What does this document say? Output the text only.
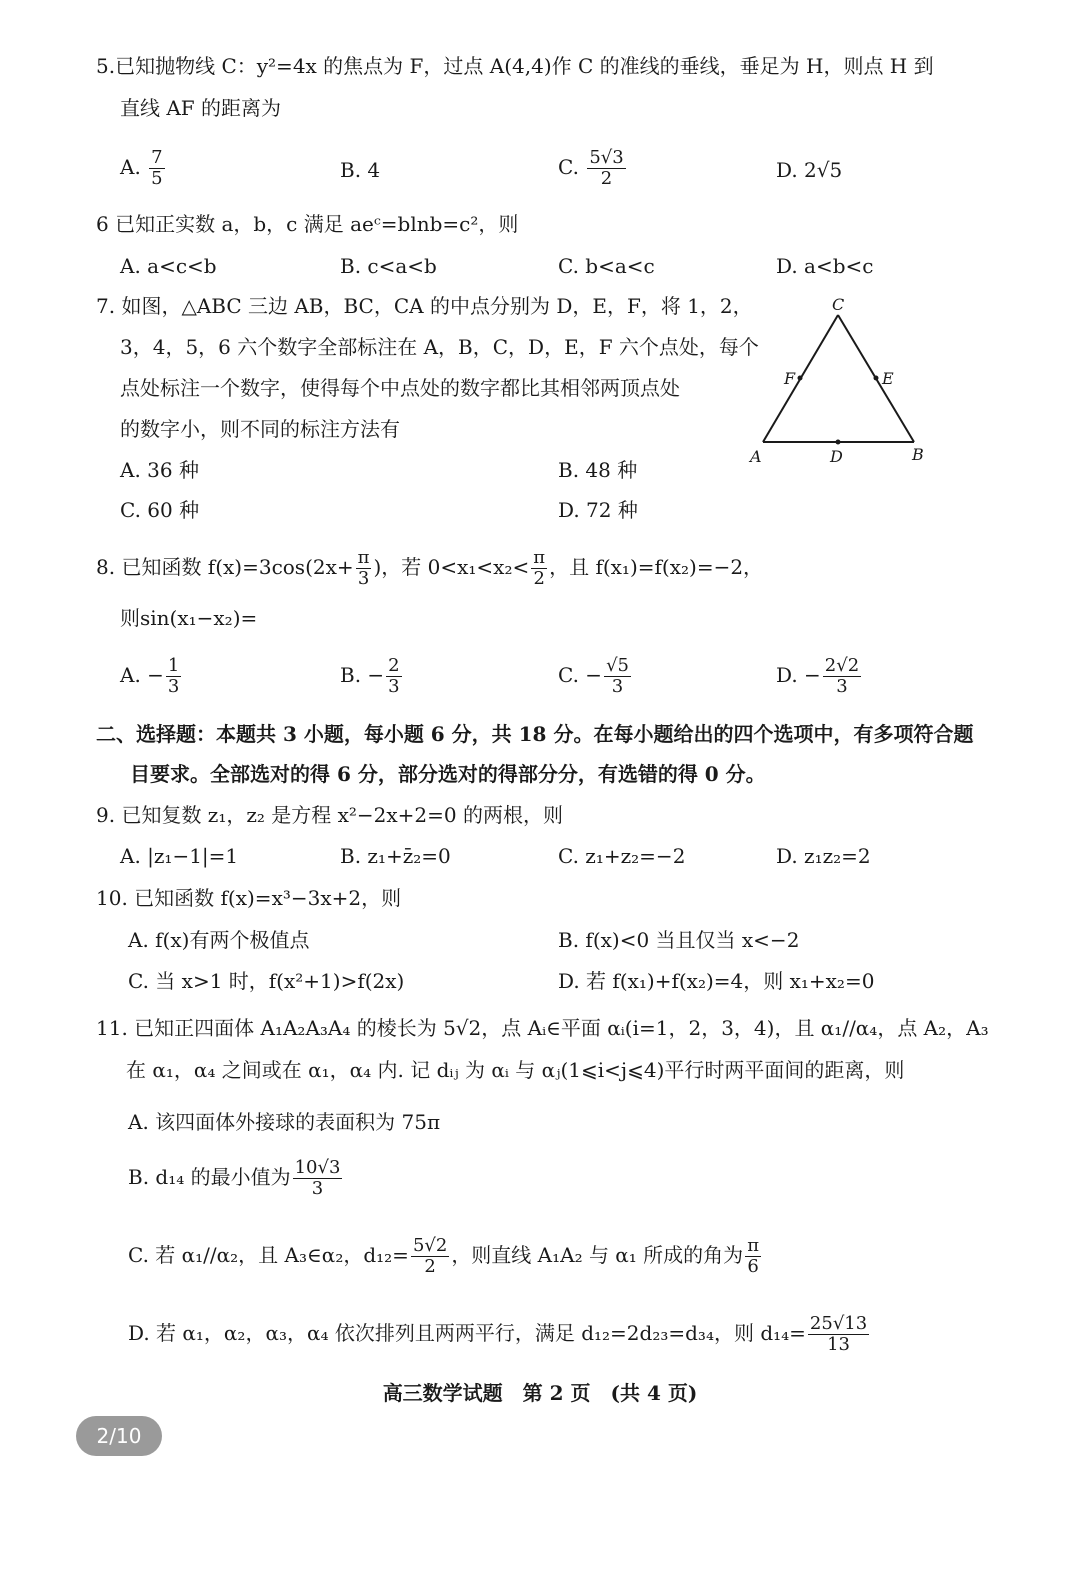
5.已知抛物线 C：y²=4x 的焦点为 F，过点 A(4,4)作 C 的准线的垂线，垂足为 H，则点 H 到
直线 AF 的距离为
A. $\frac{7}{5}$	B. 4	C. $\frac{5√3}{2}$	D. 2√5
6 已知正实数 a，b，c 满足 aeᶜ=blnb=c²，则
A. a<c<b	B. c<a<b	C. b<a<c	D. a<b<c
7. 如图，△ABC 三边 AB，BC，CA 的中点分别为 D，E，F，将 1，2，
3，4，5，6 六个数字全部标注在 A，B，C，D，E，F 六个点处，每个
点处标注一个数字，使得每个中点处的数字都比其相邻两顶点处
的数字小，则不同的标注方法有
A. 36 种	B. 48 种
C. 60 种	D. 72 种
A	B
C
D
E
F
8. 已知函数 $f(x)=3\cos(2x+ \frac{\pi}{3}$ )，若 $0<x_1<x_2< \frac{\pi}{2}$ ，且 f(x₁)=f(x₂)=−2，
则sin(x₁−x₂)=
A. − $\frac{1}{3}$	B. − $\frac{2}{3}$	C. − $\frac{√5}{3}$	D. − $\frac{2√2}{3}$
二、选择题：本题共 3 小题，每小题 6 分，共 18 分。在每小题给出的四个选项中，有多项符合题
目要求。全部选对的得 6 分，部分选对的得部分分，有选错的得 0 分。
9. 已知复数 z₁，z₂ 是方程 x²−2x+2=0 的两根，则
A. |z₁−1|=1	B. z₁+z̄₂=0	C. z₁+z₂=−2	D. z₁z₂=2
10. 已知函数 f(x)=x³−3x+2，则
A. f(x)有两个极值点	B. f(x)<0 当且仅当 x<−2
C. 当 x>1 时，f(x²+1)>f(2x)	D. 若 f(x₁)+f(x₂)=4，则 x₁+x₂=0
11. 已知正四面体 A₁A₂A₃A₄ 的棱长为 5√2，点 Aᵢ∈平面 αᵢ(i=1，2，3，4)，且 α₁//α₄，点 A₂，A₃
在 α₁，α₄ 之间或在 α₁，α₄ 内. 记 dᵢⱼ 为 αᵢ 与 αⱼ(1⩽i<j⩽4)平行时两平面间的距离，则
A. 该四面体外接球的表面积为 75π
B. d₁₄ 的最小值为 $\frac{10√3}{3}$
C. 若 α₁//α₂，且 A₃∈α₂，$d_{12}= \frac{5√2}{2}$ ，则直线 A₁A₂ 与 α₁ 所成的角为 $\frac{\pi}{6}$
D. 若 α₁，α₂，α₃，α₄ 依次排列且两两平行，满足 d₁₂=2d₂₃=d₃₄，则 $d_{14}= \frac{25√13}{13}$
高三数学试题　第 2 页　(共 4 页)
2/10
